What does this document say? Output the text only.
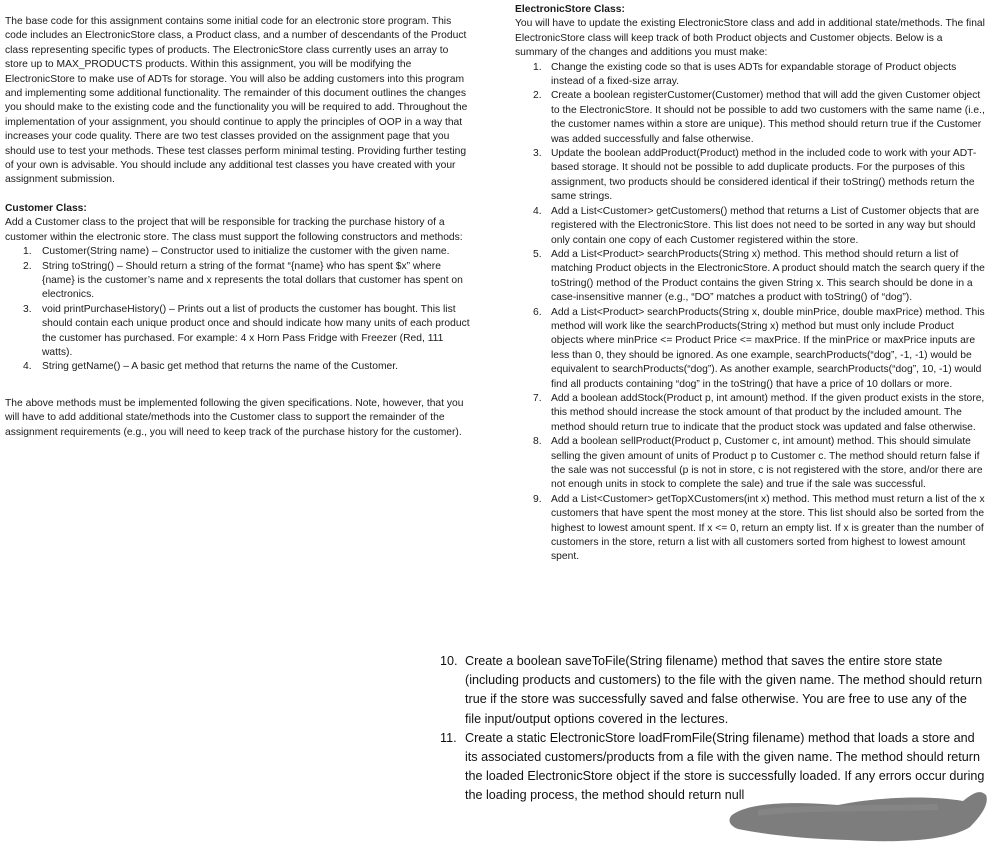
The base code for this assignment contains some initial code for an electronic store program. This code includes an ElectronicStore class, a Product class, and a number of descendants of the Product class representing specific types of products. The ElectronicStore class currently uses an array to store up to MAX_PRODUCTS products. Within this assignment, you will be modifying the ElectronicStore to make use of ADTs for storage. You will also be adding customers into this program and implementing some additional functionality. The remainder of this document outlines the changes you should make to the existing code and the functionality you will be required to add. Throughout the implementation of your assignment, you should continue to apply the principles of OOP in a way that increases your code quality. There are two test classes provided on the assignment page that you should use to test your methods. These test classes perform minimal testing. Providing further testing of your own is advisable. You should include any additional test classes you have created with your assignment submission.

Customer Class:

Add a Customer class to the project that will be responsible for tracking the purchase history of a customer within the electronic store. The class must support the following constructors and methods:

1. Customer(String name) – Constructor used to initialize the customer with the given name.
2. String toString() – Should return a string of the format “{name} who has spent $x” where {name} is the customer’s name and x represents the total dollars that customer has spent on electronics.
3. void printPurchaseHistory() – Prints out a list of products the customer has bought. This list should contain each unique product once and should indicate how many units of each product the customer has purchased. For example: 4 x Horn Pass Fridge with Freezer (Red, 111 watts).
4. String getName() – A basic get method that returns the name of the Customer.

The above methods must be implemented following the given specifications. Note, however, that you will have to add additional state/methods into the Customer class to support the remainder of the assignment requirements (e.g., you will need to keep track of the purchase history for the customer).

ElectronicStore Class:

You will have to update the existing ElectronicStore class and add in additional state/methods. The final ElectronicStore class will keep track of both Product objects and Customer objects. Below is a summary of the changes and additions you must make:

1. Change the existing code so that is uses ADTs for expandable storage of Product objects instead of a fixed-size array.
2. Create a boolean registerCustomer(Customer) method that will add the given Customer object to the ElectronicStore. It should not be possible to add two customers with the same name (i.e., the customer names within a store are unique). This method should return true if the Customer was added successfully and false otherwise.
3. Update the boolean addProduct(Product) method in the included code to work with your ADT-based storage. It should not be possible to add duplicate products. For the purposes of this assignment, two products should be considered identical if their toString() methods return the same strings.
4. Add a List<Customer> getCustomers() method that returns a List of Customer objects that are registered with the ElectronicStore. This list does not need to be sorted in any way but should only contain one copy of each Customer registered within the store.
5. Add a List<Product> searchProducts(String x) method. This method should return a list of matching Product objects in the ElectronicStore. A product should match the search query if the toString() method of the Product contains the given String x. This search should be done in a case-insensitive manner (e.g., “DO” matches a product with toString() of “dog”).
6. Add a List<Product> searchProducts(String x, double minPrice, double maxPrice) method. This method will work like the searchProducts(String x) method but must only include Product objects where minPrice <= Product Price <= maxPrice. If the minPrice or maxPrice inputs are less than 0, they should be ignored. As one example, searchProducts(“dog”, -1, -1) would be equivalent to searchProducts(“dog”). As another example, searchProducts(“dog”, 10, -1) would find all products containing “dog” in the toString() that have a price of 10 dollars or more.
7. Add a boolean addStock(Product p, int amount) method. If the given product exists in the store, this method should increase the stock amount of that product by the included amount. The method should return true to indicate that the product stock was updated and false otherwise.
8. Add a boolean sellProduct(Product p, Customer c, int amount) method. This should simulate selling the given amount of units of Product p to Customer c. The method should return false if the sale was not successful (p is not in store, c is not registered with the store, and/or there are not enough units in stock to complete the sale) and true if the sale was successful.
9. Add a List<Customer> getTopXCustomers(int x) method. This method must return a list of the x customers that have spent the most money at the store. This list should also be sorted from the highest to lowest amount spent. If x <= 0, return an empty list. If x is greater than the number of customers in the store, return a list with all customers sorted from highest to lowest amount spent.
10. Create a boolean saveToFile(String filename) method that saves the entire store state (including products and customers) to the file with the given name. The method should return true if the store was successfully saved and false otherwise. You are free to use any of the file input/output options covered in the lectures.
11. Create a static ElectronicStore loadFromFile(String filename) method that loads a store and its associated customers/products from a file with the given name. The method should return the loaded ElectronicStore object if the store is successfully loaded. If any errors occur during the loading process, the method should return null
